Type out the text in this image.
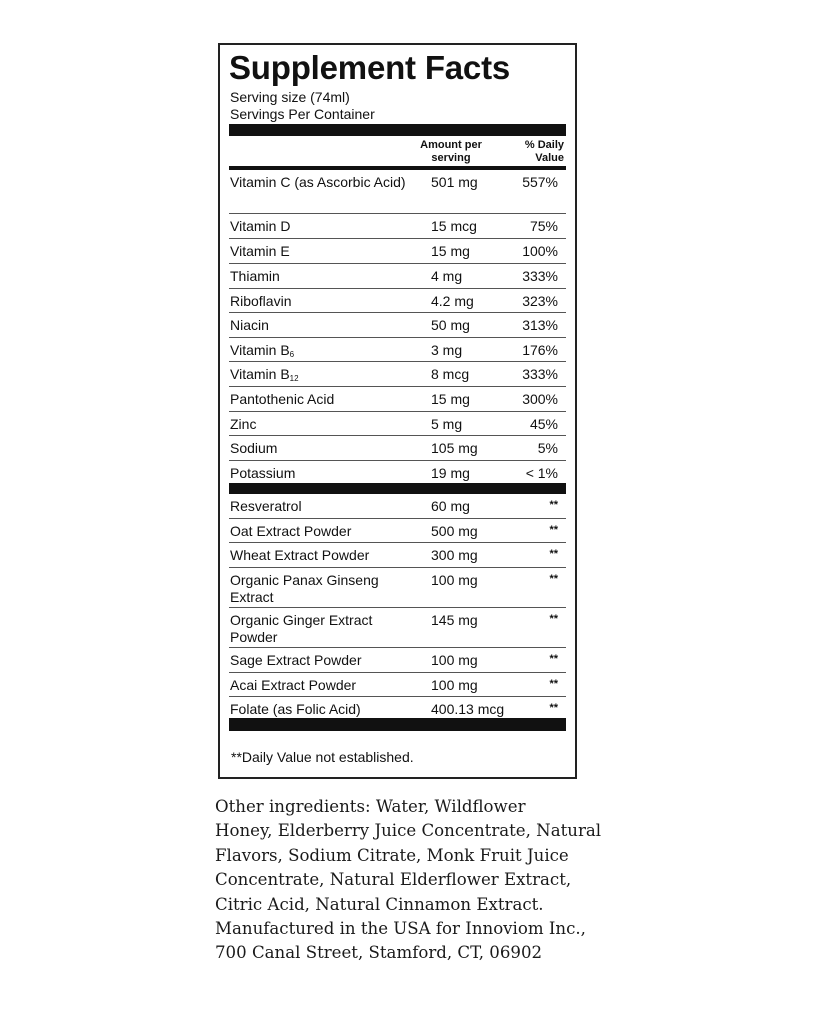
Supplement Facts
Serving size (74ml)
Servings Per Container
Amount per
serving
% Daily
Value
Vitamin C (as Ascorbic Acid) 501 mg	557%
Vitamin D	15 mcg	75%
Vitamin E	15 mg	100%
Thiamin	4 mg	333%
Riboflavin	4.2 mg	323%
Niacin	50 mg	313%
Vitamin $B_6$	3 mg	176%
Vitamin $B_{12}$	8 mcg	333%
Pantothenic Acid	15 mg	300%
Zinc	5 mg	45%
Sodium	105 mg	5%
Potassium	19 mg	< 1%
Resveratrol	60 mg	**
Oat Extract Powder	500 mg	**
Wheat Extract Powder	300 mg	**
Organic Panax Ginseng Extract
100 mg	**
Organic Ginger Extract Powder
145 mg	**
Sage Extract Powder	100 mg	**
Acai Extract Powder	100 mg	**
Folate (as Folic Acid)	400.13 mcg	**
**Daily Value not established.
Other ingredients: Water, Wildflower
Honey, Elderberry Juice Concentrate, Natural
Flavors, Sodium Citrate, Monk Fruit Juice
Concentrate, Natural Elderflower Extract,
Citric Acid, Natural Cinnamon Extract.
Manufactured in the USA for Innoviom Inc.,
700 Canal Street, Stamford, CT, 06902
